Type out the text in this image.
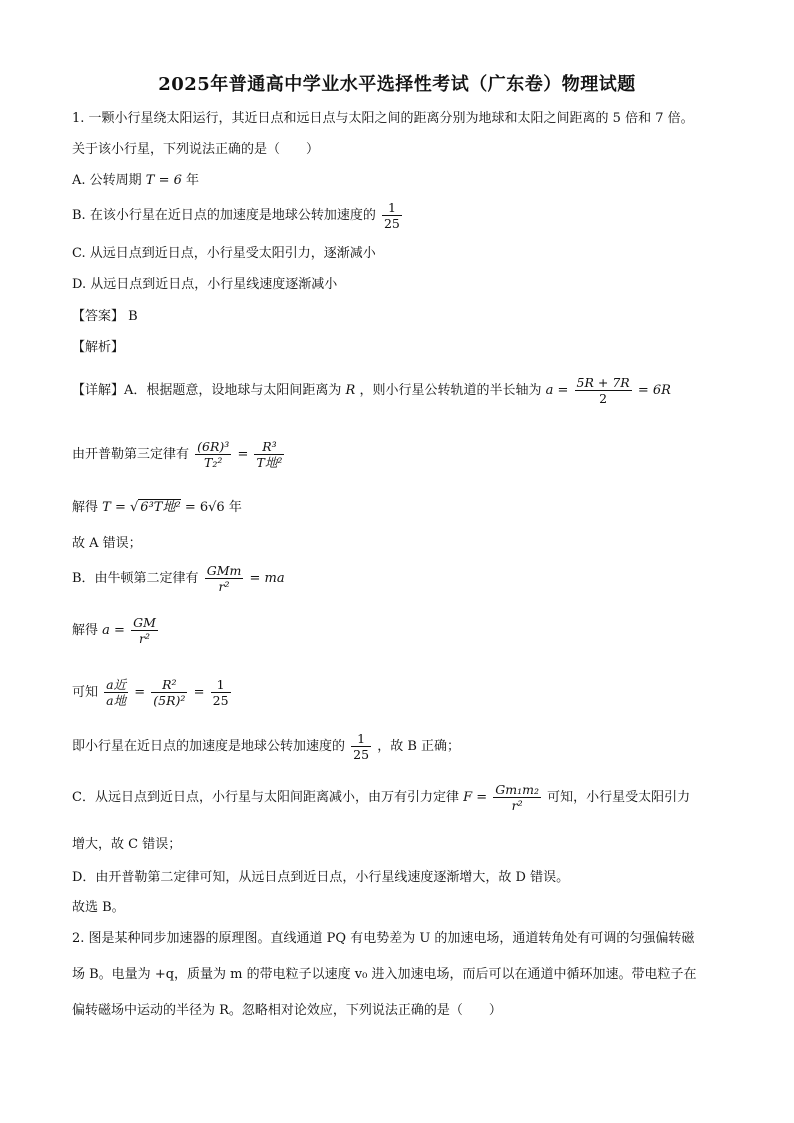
2025年普通高中学业水平选择性考试（广东卷）物理试题
1. 一颗小行星绕太阳运行，其近日点和远日点与太阳之间的距离分别为地球和太阳之间距离的 5 倍和 7 倍。
关于该小行星，下列说法正确的是（　　）
A. 公转周期 T = 6 年
B. 在该小行星在近日点的加速度是地球公转加速度的 $\frac{1}{25}$
C. 从远日点到近日点，小行星受太阳引力，逐渐减小
D. 从远日点到近日点，小行星线速度逐渐减小
【答案】 B
【解析】
【详解】A．根据题意，设地球与太阳间距离为 R ，则小行星公转轨道的半长轴为 $a = \frac{5R + 7R}{2} = 6R$
由开普勒第三定律有 $\frac{\text{(6R)³}}{\text{T₂²}} = \frac{\text{R³}}{\text{T地²}}$
解得 T = √ 6³T地² = 6√6 年
故 A 错误；
B．由牛顿第二定律有 $\frac{\text{GMm}}{\text{r²}}$ = ma
解得 $a = \frac{GM}{\text{r²}}$
可知 $\frac{\text{a近}}{\text{a地}} = \frac{\text{R²}}{\text{(5R)²}} = \frac{1}{25}$
即小行星在近日点的加速度是地球公转加速度的 $\frac{1}{25}$ ，故 B 正确；
C．从远日点到近日点，小行星与太阳间距离减小，由万有引力定律 $F = \frac{\text{Gm₁m₂}}{\text{r²}}$ 可知，小行星受太阳引力
增大，故 C 错误；
D．由开普勒第二定律可知，从远日点到近日点，小行星线速度逐渐增大，故 D 错误。
故选 B。
2. 图是某种同步加速器的原理图。直线通道 PQ 有电势差为 U 的加速电场，通道转角处有可调的匀强偏转磁
场 B。电量为 +q，质量为 m 的带电粒子以速度 v₀ 进入加速电场，而后可以在通道中循环加速。带电粒子在
偏转磁场中运动的半径为 R。忽略相对论效应，下列说法正确的是（　　）
